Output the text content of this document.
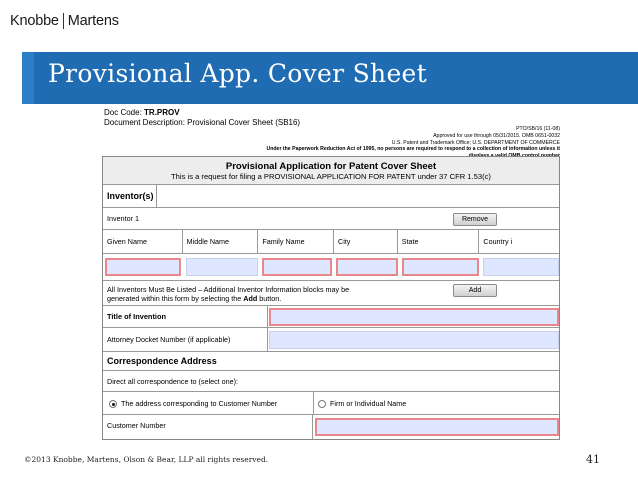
Knobbe Martens
Provisional App. Cover Sheet
Doc Code: TR.PROV
Document Description: Provisional Cover Sheet (SB16)
PTO/SB/16 (11-08)
Approved for use through 05/31/2015. OMB 0651-0032
U.S. Patent and Trademark Office; U.S. DEPARTMENT OF COMMERCE
Under the Paperwork Reduction Act of 1995, no persons are required to respond to a collection of information unless it
Provisional Application for Patent Cover Sheet
This is a request for filing a PROVISIONAL APPLICATION FOR PATENT under 37 CFR 1.53(c)
Inventor(s)
Inventor 1	Remove
Given Name	Middle Name	Family Name	City	State	Country i
All Inventors Must Be Listed – Additional Inventor Information blocks may be
generated within this form by selecting the Add button.
Add
Title of Invention
Attorney Docket Number (if applicable)
Correspondence Address
Direct all correspondence to (select one):
The address corresponding to Customer Number	Firm or Individual Name
Customer Number
©2013 Knobbe, Martens, Olson & Bear, LLP all rights reserved.	41
